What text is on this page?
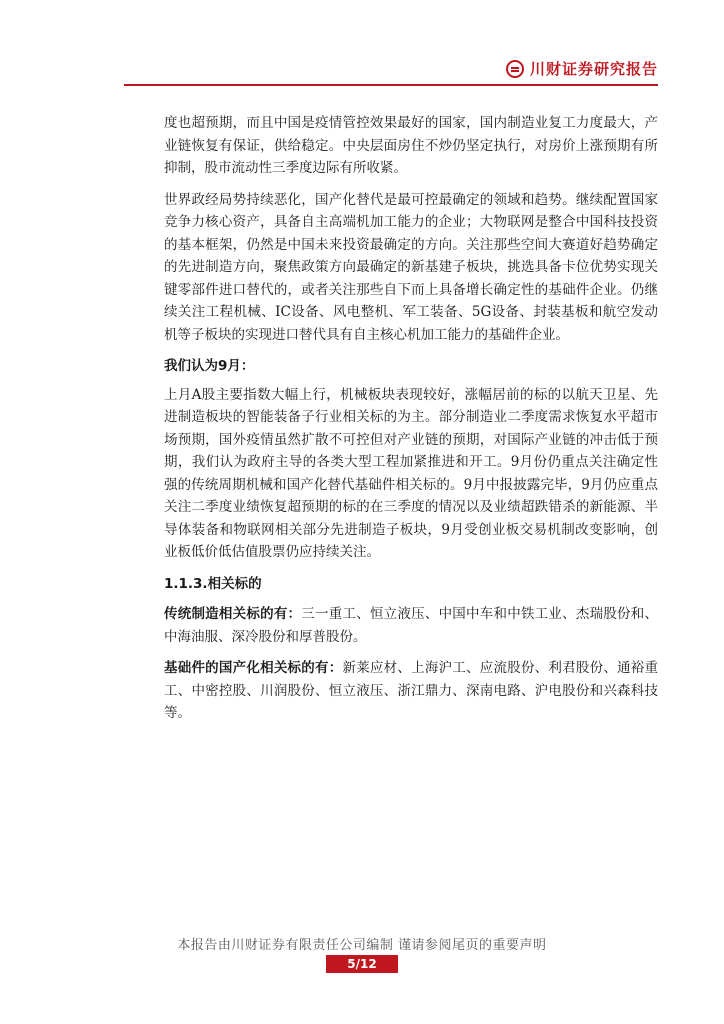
川财证券研究报告

度也超预期，而且中国是疫情管控效果最好的国家，国内制造业复工力度最大，产业链恢复有保证，供给稳定。中央层面房住不炒仍坚定执行，对房价上涨预期有所抑制，股市流动性三季度边际有所收紧。

世界政经局势持续恶化，国产化替代是最可控最确定的领域和趋势。继续配置国家竞争力核心资产，具备自主高端机加工能力的企业；大物联网是整合中国科技投资的基本框架，仍然是中国未来投资最确定的方向。关注那些空间大赛道好趋势确定的先进制造方向，聚焦政策方向最确定的新基建子板块，挑选具备卡位优势实现关键零部件进口替代的，或者关注那些自下而上具备增长确定性的基础件企业。仍继续关注工程机械、IC设备、风电整机、军工装备、5G设备、封装基板和航空发动机等子板块的实现进口替代具有自主核心机加工能力的基础件企业。

我们认为9月：

上月A股主要指数大幅上行，机械板块表现较好，涨幅居前的标的以航天卫星、先进制造板块的智能装备子行业相关标的为主。部分制造业二季度需求恢复水平超市场预期，国外疫情虽然扩散不可控但对产业链的预期，对国际产业链的冲击低于预期，我们认为政府主导的各类大型工程加紧推进和开工。9月份仍重点关注确定性强的传统周期机械和国产化替代基础件相关标的。9月中报披露完毕，9月仍应重点关注二季度业绩恢复超预期的标的在三季度的情况以及业绩超跌错杀的新能源、半导体装备和物联网相关部分先进制造子板块，9月受创业板交易机制改变影响，创业板低价低估值股票仍应持续关注。

1.1.3.相关标的

传统制造相关标的有：三一重工、恒立液压、中国中车和中铁工业、杰瑞股份和、中海油服、深冷股份和厚普股份。

基础件的国产化相关标的有：新莱应材、上海沪工、应流股份、利君股份、通裕重工、中密控股、川润股份、恒立液压、浙江鼎力、深南电路、沪电股份和兴森科技等。

本报告由川财证券有限责任公司编制 谨请参阅尾页的重要声明
5/12
